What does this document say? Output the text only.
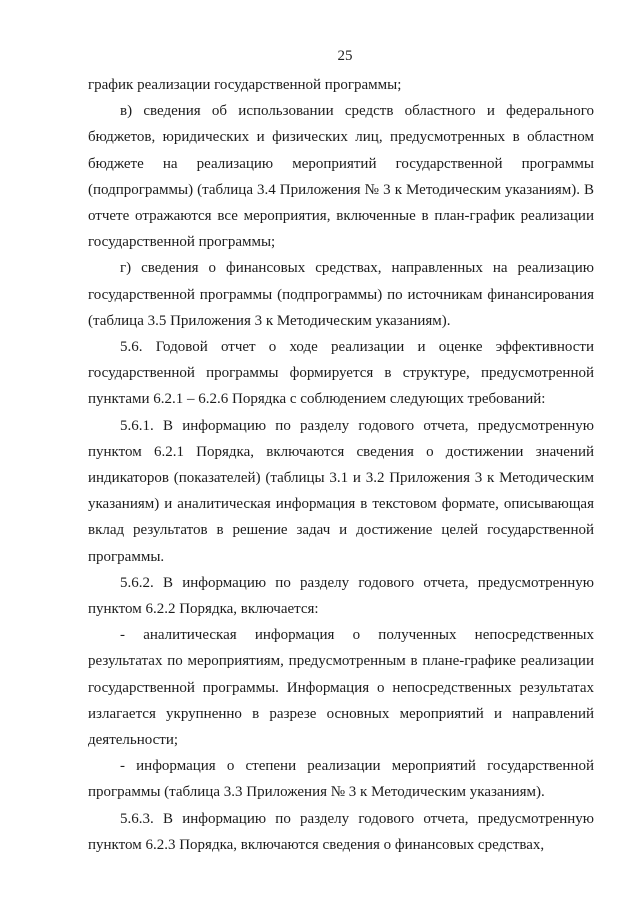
25

график реализации государственной программы;

в) сведения об использовании средств областного и федерального бюджетов, юридических и физических лиц, предусмотренных в областном бюджете на реализацию мероприятий государственной программы (подпрограммы) (таблица 3.4 Приложения № 3 к Методическим указаниям). В отчете отражаются все мероприятия, включенные в план-график реализации государственной программы;

г) сведения о финансовых средствах, направленных на реализацию государственной программы (подпрограммы) по источникам финансирования (таблица 3.5 Приложения 3 к Методическим указаниям).

5.6. Годовой отчет о ходе реализации и оценке эффективности государственной программы формируется в структуре, предусмотренной пунктами 6.2.1 – 6.2.6 Порядка с соблюдением следующих требований:

5.6.1. В информацию по разделу годового отчета, предусмотренную пунктом 6.2.1 Порядка, включаются сведения о достижении значений индикаторов (показателей) (таблицы 3.1 и 3.2 Приложения 3 к Методическим указаниям) и аналитическая информация в текстовом формате, описывающая вклад результатов в решение задач и достижение целей государственной программы.

5.6.2. В информацию по разделу годового отчета, предусмотренную пунктом 6.2.2 Порядка, включается:

- аналитическая информация о полученных непосредственных результатах по мероприятиям, предусмотренным в плане-графике реализации государственной программы. Информация о непосредственных результатах излагается укрупненно в разрезе основных мероприятий и направлений деятельности;

- информация о степени реализации мероприятий государственной программы (таблица 3.3 Приложения № 3 к Методическим указаниям).

5.6.3. В информацию по разделу годового отчета, предусмотренную пунктом 6.2.3 Порядка, включаются сведения о финансовых средствах,
